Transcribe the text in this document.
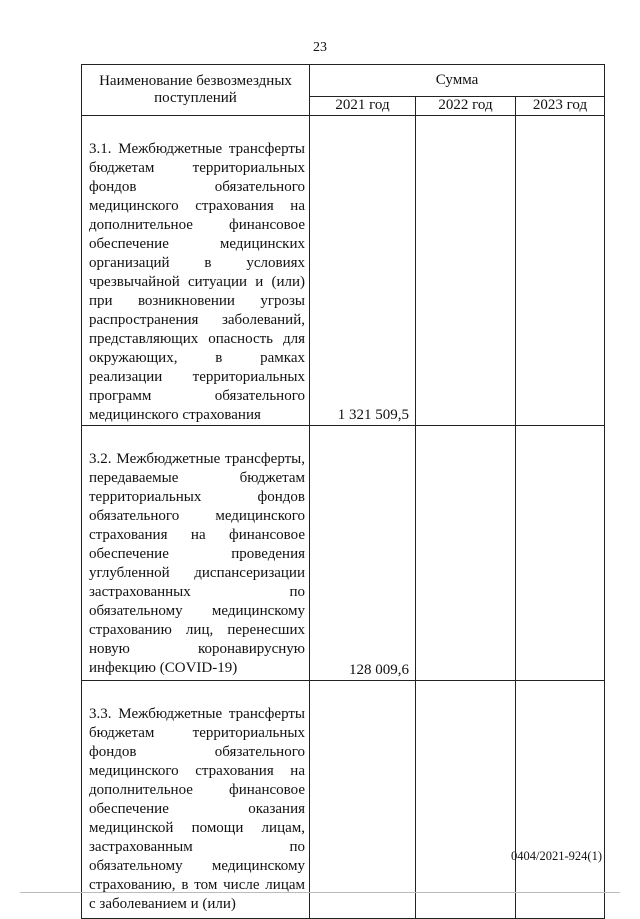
23
Наименование безвозмездных поступлений	Сумма		
	2021 год	2022 год	2023 год
3.1. Межбюджетные трансферты бюджетам территориальных фондов обязательного медицинского страхования на дополнительное финансовое обеспечение медицинских организаций в условиях чрезвычайной ситуации и (или) при возникновении угрозы распространения заболеваний, представляющих опасность для окружающих, в рамках реализации территориальных программ обязательного медицинского страхования	1 321 509,5		
3.2. Межбюджетные трансферты, передаваемые бюджетам территориальных фондов обязательного медицинского страхования на финансовое обеспечение проведения углубленной диспансеризации застрахованных по обязательному медицинскому страхованию лиц, перенесших новую коронавирусную инфекцию (COVID-19)	128 009,6		
3.3. Межбюджетные трансферты бюджетам территориальных фондов обязательного медицинского страхования на дополнительное финансовое обеспечение оказания медицинской помощи лицам, застрахованным по обязательному медицинскому страхованию, в том числе лицам с заболеванием и (или)			
0404/2021-924(1)
